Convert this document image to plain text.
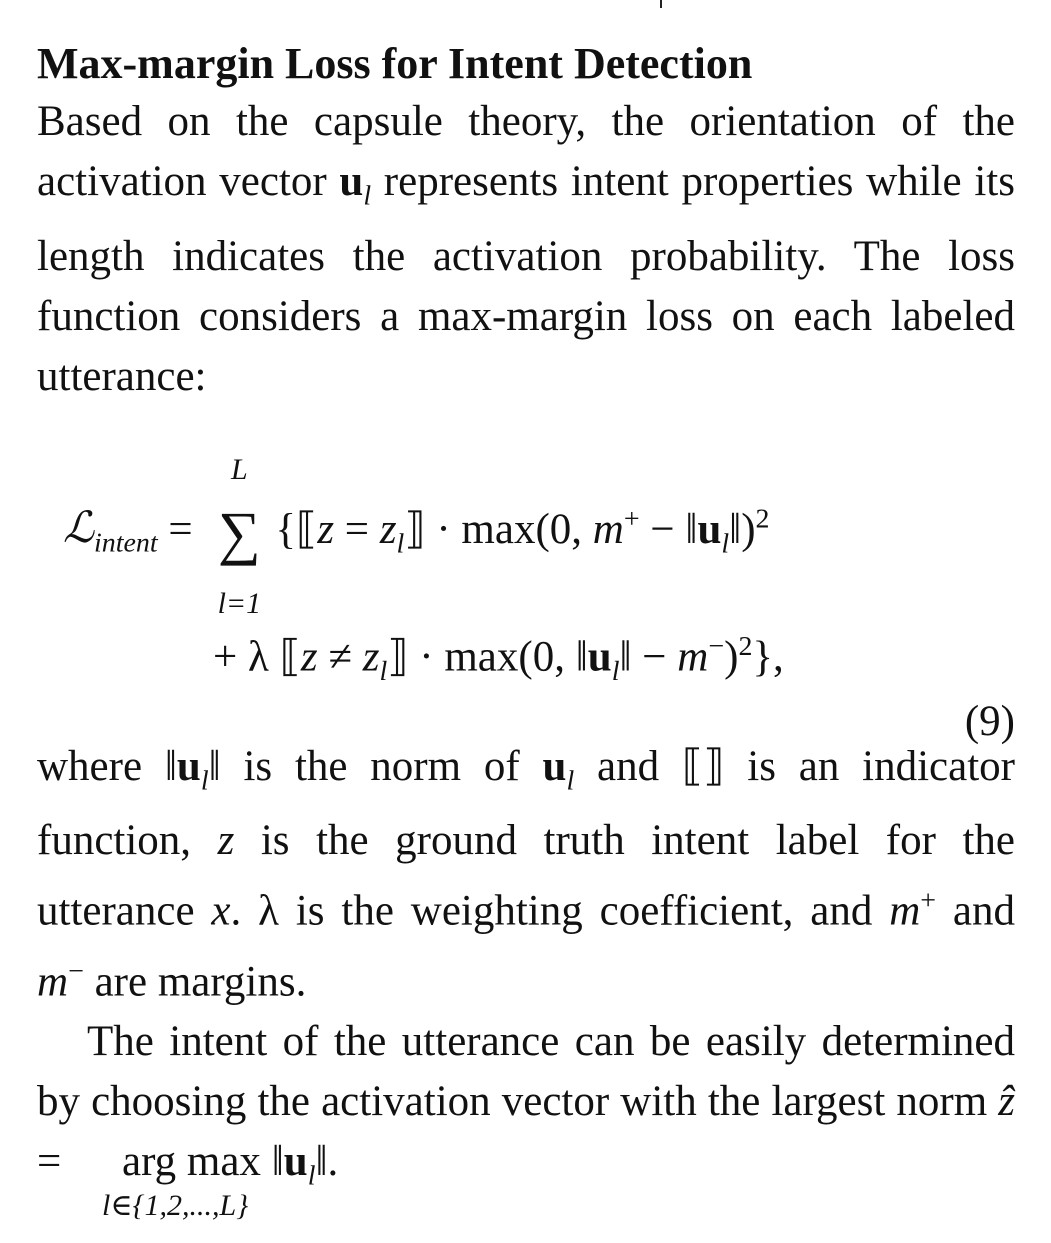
Max-margin Loss for Intent Detection

Based on the capsule theory, the orientation of the activation vector $u_l$ represents intent properties while its length indicates the activation probability. The loss function considers a max-margin loss on each labeled utterance:

ℒ$_{intent}$ =
L
∑
l=1
{⟦z = $z_l⟧ \cdot \max(0$, $m^+ - ‖u_l‖)^2$
+ λ ⟦z ≠ $z_l⟧ \cdot \max(0$, $‖u_l‖ - m^-)^2$},
(9)

where $‖u_l‖$ is the norm of $u_l$ and ⟦⟧ is an indicator function, z is the ground truth intent label for the utterance x. λ is the weighting coefficient, and m+ and m− are margins.

The intent of the utterance can be easily determined by choosing the activation vector with the largest norm ẑ = arg max
l∈{1,2,...,L}
$‖u_l‖$.
